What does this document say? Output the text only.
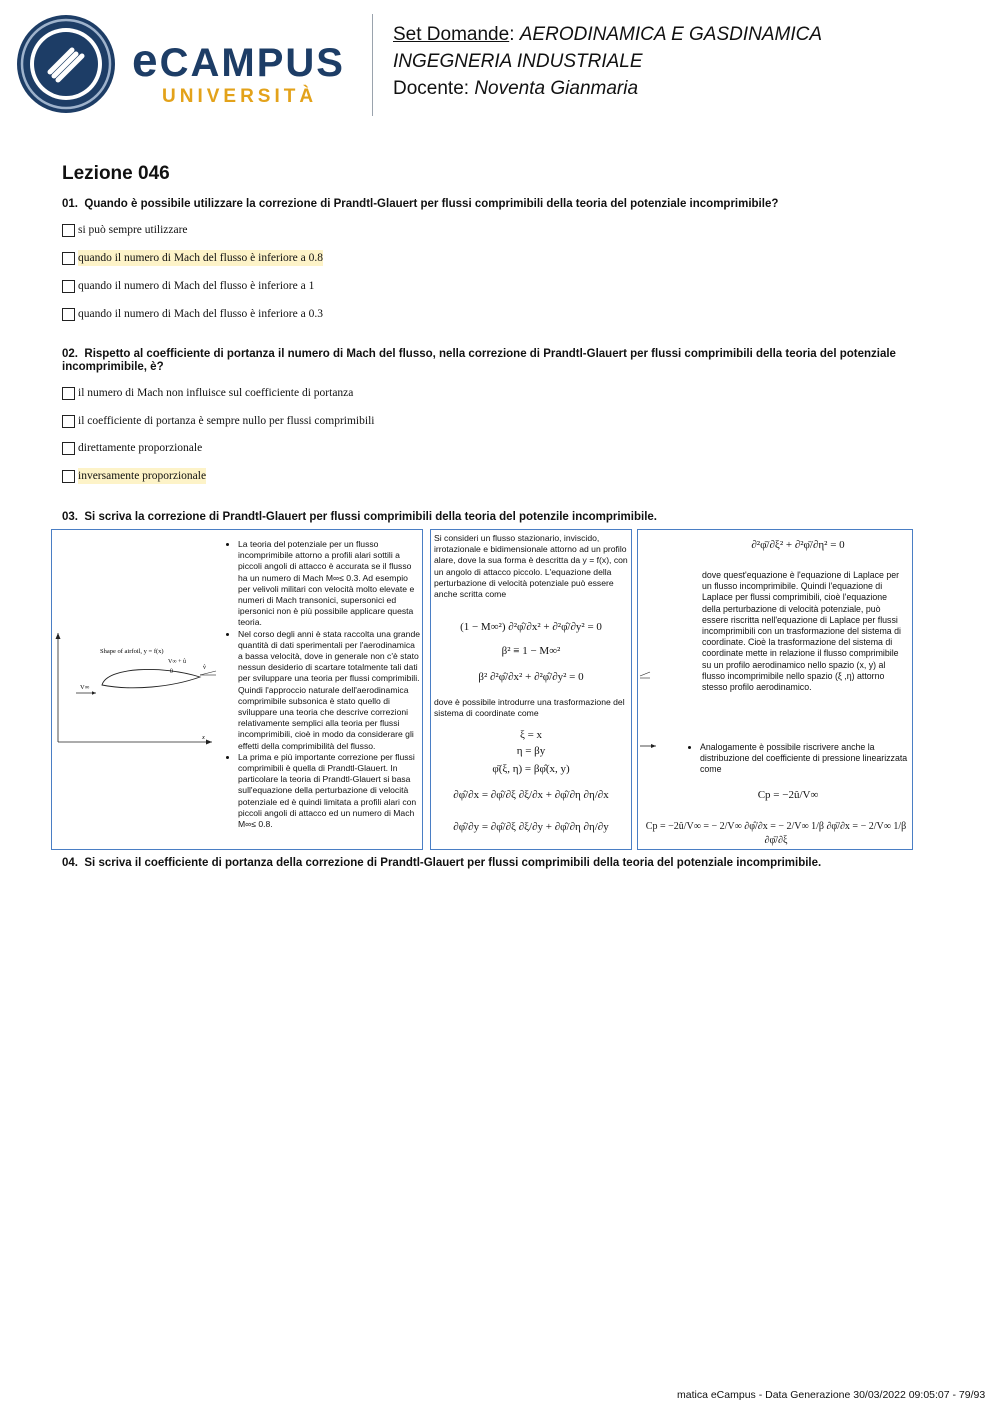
eCAMPUS
UNIVERSITÀ
Set Domande: AERODINAMICA E GASDINAMICA
INGEGNERIA INDUSTRIALE
Docente: Noventa Gianmaria
Lezione 046
01. Quando è possibile utilizzare la correzione di Prandtl-Glauert per flussi comprimibili della teoria del potenziale incomprimibile?
si può sempre utilizzare
quando il numero di Mach del flusso è inferiore a 0.8
quando il numero di Mach del flusso è inferiore a 1
quando il numero di Mach del flusso è inferiore a 0.3
02. Rispetto al coefficiente di portanza il numero di Mach del flusso, nella correzione di Prandtl-Glauert per flussi comprimibili della teoria del potenziale incomprimibile, è?
il numero di Mach non influisce sul coefficiente di portanza
il coefficiente di portanza è sempre nullo per flussi comprimibili
direttamente proporzionale
inversamente proporzionale
03. Si scriva la correzione di Prandtl-Glauert per flussi comprimibili della teoria del potenzile incomprimibile.
Shape of airfoil, y = f(x)
V∞
V∞ + û
θ
v̂
x
• La teoria del potenziale per un flusso incomprimibile attorno a profili alari sottili a piccoli angoli di attacco è accurata se il flusso ha un numero di Mach M∞≤ 0.3. Ad esempio per velivoli militari con velocità molto elevate e numeri di Mach transonici, supersonici ed ipersonici non è più possibile applicare questa teoria.
• Nel corso degli anni è stata raccolta una grande quantità di dati sperimentali per l'aerodinamica a bassa velocità, dove in generale non c'è stato nessun desiderio di scartare totalmente tali dati per sviluppare una teoria per flussi comprimibili. Quindi l'approccio naturale dell'aerodinamica comprimibile subsonica è stato quello di sviluppare una teoria che descrive correzioni relativamente semplici alla teoria per flussi incomprimibili, cioè in modo da considerare gli effetti della comprimibilità del flusso.
• La prima e più importante correzione per flussi comprimibili è quella di Prandtl-Glauert. In particolare la teoria di Prandtl-Glauert si basa sull'equazione della perturbazione di velocità potenziale ed è quindi limitata a profili alari con piccoli angoli di attacco ed un numero di Mach M∞≤ 0.8.
Si consideri un flusso stazionario, inviscido, irrotazionale e bidimensionale attorno ad un profilo alare, dove la sua forma è descritta da y = f(x), con un angolo di attacco piccolo. L'equazione della perturbazione di velocità potenziale può essere anche scritta come
(1 − M∞²) ∂²φ̂/∂x² + ∂²φ̂/∂y² = 0
β² ≡ 1 − M∞²
β² ∂²φ̂/∂x² + ∂²φ̂/∂y² = 0
dove è possibile introdurre una trasformazione del sistema di coordinate come
ξ = x
η = βy
φ̄(ξ, η) = βφ̂(x, y)
∂φ̂/∂x = ∂φ̂/∂ξ ∂ξ/∂x + ∂φ̂/∂η ∂η/∂x
∂φ̂/∂y = ∂φ̂/∂ξ ∂ξ/∂y + ∂φ̂/∂η ∂η/∂y
∂²φ̄/∂ξ² + ∂²φ̄/∂η² = 0
dove quest'equazione è l'equazione di Laplace per un flusso incomprimibile. Quindi l'equazione di Laplace per flussi comprimibili, cioè l'equazione della perturbazione di velocità potenziale, può essere riscritta nell'equazione di Laplace per flussi incomprimibili con un trasformazione del sistema di coordinate. Cioè la trasformazione del sistema di coordinate mette in relazione il flusso comprimibile su un profilo aerodinamico nello spazio (x, y) al flusso incomprimibile nello spazio (ξ ,η) attorno stesso profilo aerodinamico.
• Analogamente è possibile riscrivere anche la distribuzione del coefficiente di pressione linearizzata come
Cp = −2û/V∞
Cp = −2û/V∞ = − 2/V∞ ∂φ̂/∂x = − 2/V∞ 1/β ∂φ̄/∂x = − 2/V∞ 1/β ∂φ̄/∂ξ
04. Si scriva il coefficiente di portanza della correzione di Prandtl-Glauert per flussi comprimibili della teoria del potenziale incomprimibile.
matica eCampus - Data Generazione 30/03/2022 09:05:07 - 79/93
